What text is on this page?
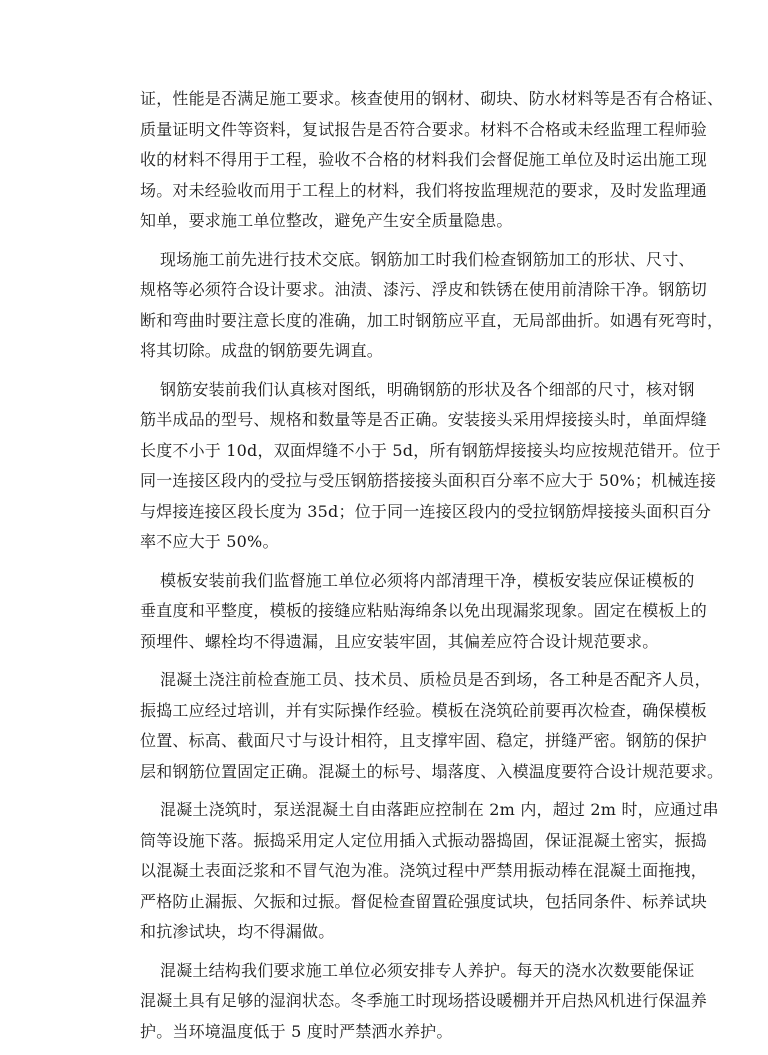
证，性能是否满足施工要求。核查使用的钢材、砌块、防水材料等是否有合格证、
质量证明文件等资料，复试报告是否符合要求。材料不合格或未经监理工程师验
收的材料不得用于工程，验收不合格的材料我们会督促施工单位及时运出施工现
场。对未经验收而用于工程上的材料，我们将按监理规范的要求，及时发监理通
知单，要求施工单位整改，避免产生安全质量隐患。

现场施工前先进行技术交底。钢筋加工时我们检查钢筋加工的形状、尺寸、
规格等必须符合设计要求。油渍、漆污、浮皮和铁锈在使用前清除干净。钢筋切
断和弯曲时要注意长度的准确，加工时钢筋应平直，无局部曲折。如遇有死弯时，
将其切除。成盘的钢筋要先调直。

钢筋安装前我们认真核对图纸，明确钢筋的形状及各个细部的尺寸，核对钢
筋半成品的型号、规格和数量等是否正确。安装接头采用焊接接头时，单面焊缝
长度不小于 10d，双面焊缝不小于 5d，所有钢筋焊接接头均应按规范错开。位于
同一连接区段内的受拉与受压钢筋搭接接头面积百分率不应大于 50%；机械连接
与焊接连接区段长度为 35d；位于同一连接区段内的受拉钢筋焊接接头面积百分
率不应大于 50%。

模板安装前我们监督施工单位必须将内部清理干净，模板安装应保证模板的
垂直度和平整度，模板的接缝应粘贴海绵条以免出现漏浆现象。固定在模板上的
预埋件、螺栓均不得遗漏，且应安装牢固，其偏差应符合设计规范要求。

混凝土浇注前检查施工员、技术员、质检员是否到场，各工种是否配齐人员，
振捣工应经过培训，并有实际操作经验。模板在浇筑砼前要再次检查，确保模板
位置、标高、截面尺寸与设计相符，且支撑牢固、稳定，拼缝严密。钢筋的保护
层和钢筋位置固定正确。混凝土的标号、塌落度、入模温度要符合设计规范要求。

混凝土浇筑时，泵送混凝土自由落距应控制在 2m 内，超过 2m 时，应通过串
筒等设施下落。振捣采用定人定位用插入式振动器捣固，保证混凝土密实，振捣
以混凝土表面泛浆和不冒气泡为准。浇筑过程中严禁用振动棒在混凝土面拖拽，
严格防止漏振、欠振和过振。督促检查留置砼强度试块，包括同条件、标养试块
和抗渗试块，均不得漏做。

混凝土结构我们要求施工单位必须安排专人养护。每天的浇水次数要能保证
混凝土具有足够的湿润状态。冬季施工时现场搭设暖棚并开启热风机进行保温养
护。当环境温度低于 5 度时严禁洒水养护。
